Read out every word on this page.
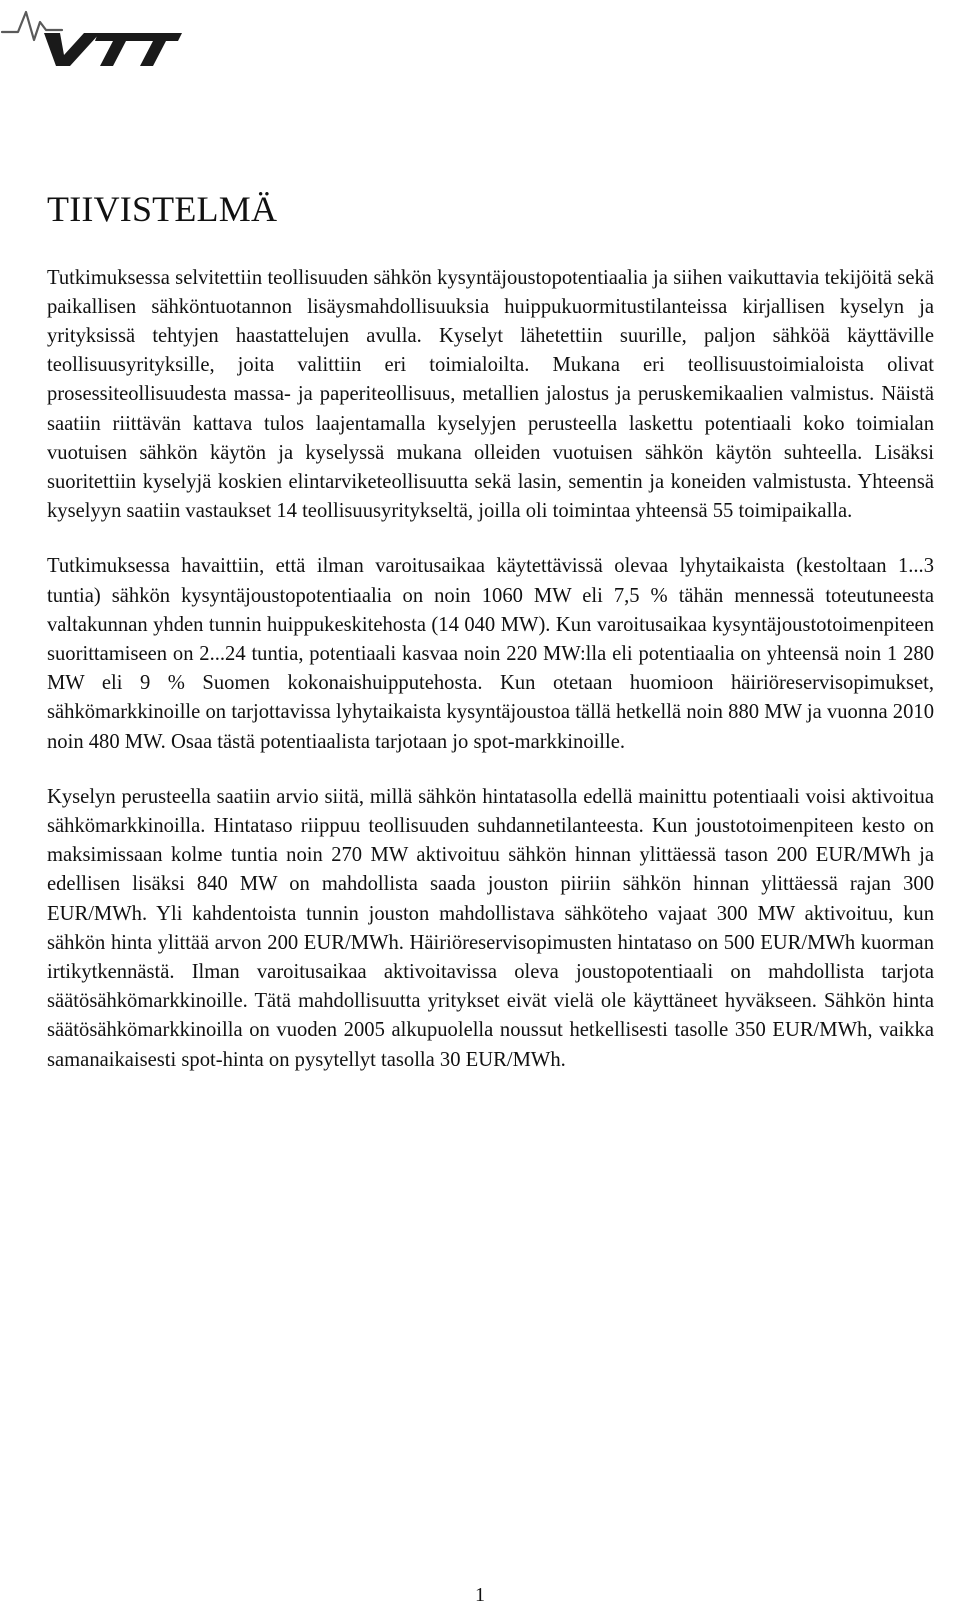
TIIVISTELMÄ

Tutkimuksessa selvitettiin teollisuuden sähkön kysyntäjoustopotentiaalia ja siihen vaikuttavia tekijöitä sekä paikallisen sähköntuotannon lisäysmahdollisuuksia huippukuormitustilanteissa kirjallisen kyselyn ja yrityksissä tehtyjen haastattelujen avulla. Kyselyt lähetettiin suurille, paljon sähköä käyttäville teollisuusyrityksille, joita valittiin eri toimialoilta. Mukana eri teollisuustoimialoista olivat prosessiteollisuudesta massa- ja paperiteollisuus, metallien jalostus ja peruskemikaalien valmistus. Näistä saatiin riittävän kattava tulos laajentamalla kyselyjen perusteella laskettu potentiaali koko toimialan vuotuisen sähkön käytön ja kyselyssä mukana olleiden vuotuisen sähkön käytön suhteella. Lisäksi suoritettiin kyselyjä koskien elintarviketeollisuutta sekä lasin, sementin ja koneiden valmistusta. Yhteensä kyselyyn saatiin vastaukset 14 teollisuusyritykseltä, joilla oli toimintaa yhteensä 55 toimipaikalla.

Tutkimuksessa havaittiin, että ilman varoitusaikaa käytettävissä olevaa lyhytaikaista (kestoltaan 1...3 tuntia) sähkön kysyntäjoustopotentiaalia on noin 1060 MW eli 7,5 % tähän mennessä toteutuneesta valtakunnan yhden tunnin huippukeskitehosta (14 040 MW). Kun varoitusaikaa kysyntäjoustotoimenpiteen suorittamiseen on 2...24 tuntia, potentiaali kasvaa noin 220 MW:lla eli potentiaalia on yhteensä noin 1 280 MW eli 9 % Suomen kokonaishuipputehosta. Kun otetaan huomioon häiriöreservisopimukset, sähkömarkkinoille on tarjottavissa lyhytaikaista kysyntäjoustoa tällä hetkellä noin 880 MW ja vuonna 2010 noin 480 MW. Osaa tästä potentiaalista tarjotaan jo spot-markkinoille.

Kyselyn perusteella saatiin arvio siitä, millä sähkön hintatasolla edellä mainittu potentiaali voisi aktivoitua sähkömarkkinoilla. Hintataso riippuu teollisuuden suhdannetilanteesta. Kun joustotoimenpiteen kesto on maksimissaan kolme tuntia noin 270 MW aktivoituu sähkön hinnan ylittäessä tason 200 EUR/MWh ja edellisen lisäksi 840 MW on mahdollista saada jouston piiriin sähkön hinnan ylittäessä rajan 300 EUR/MWh. Yli kahdentoista tunnin jouston mahdollistava sähköteho vajaat 300 MW aktivoituu, kun sähkön hinta ylittää arvon 200 EUR/MWh. Häiriöreservisopimusten hintataso on 500 EUR/MWh kuorman irtikytkennästä. Ilman varoitusaikaa aktivoitavissa oleva joustopotentiaali on mahdollista tarjota säätösähkömarkkinoille. Tätä mahdollisuutta yritykset eivät vielä ole käyttäneet hyväkseen. Sähkön hinta säätösähkömarkkinoilla on vuoden 2005 alkupuolella noussut hetkellisesti tasolle 350 EUR/MWh, vaikka samanaikaisesti spot-hinta on pysytellyt tasolla 30 EUR/MWh.

1
